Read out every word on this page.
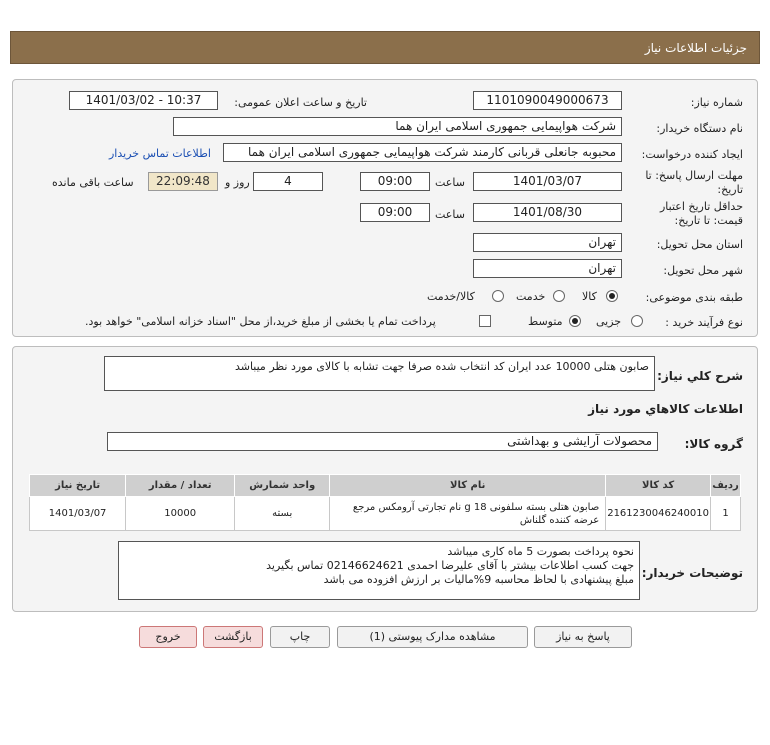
جزئیات اطلاعات نیاز
شماره نیاز:
1101090049000673
تاریخ و ساعت اعلان عمومی:
1401/03/02 - 10:37
نام دستگاه خریدار:
شرکت هواپیمایی جمهوری اسلامی ایران هما
ایجاد کننده درخواست:
محبوبه جانعلی قربانی کارمند شرکت هواپیمایی جمهوری اسلامی ایران هما
اطلاعات تماس خریدار
مهلت ارسال پاسخ: تا
تاریخ:
1401/03/07
ساعت
09:00
4
روز و
22:09:48
ساعت باقی مانده
حداقل تاریخ اعتبار
قیمت: تا تاریخ:
1401/08/30
ساعت
09:00
استان محل تحویل:
تهران
شهر محل تحویل:
تهران
طبقه بندی موضوعی:
کالا
خدمت
کالا/خدمت
نوع فرآیند خرید :
جزیی
متوسط
پرداخت تمام یا بخشی از مبلغ خرید،از محل "اسناد خزانه اسلامی" خواهد بود.
شرح کلي نياز:
صابون هتلی 10000 عدد ایران کد انتخاب شده صرفا جهت تشابه با کالای مورد نظر میباشد
اطلاعات کالاهاي مورد نياز
گروه کالا:
محصولات آرایشی و بهداشتی
ردیف	کد کالا	نام کالا	واحد شمارش	تعداد / مقدار	تاریخ نیاز
1	2161230046240010	صابون هتلی بسته سلفونی 18 g نام تجارتی آرومکس مرجع عرضه کننده گلناش	بسته	10000	1401/03/07
توضیحات خریدار:
نحوه پرداخت بصورت 5 ماه کاری میباشد
جهت کسب اطلاعات بیشتر با آقای علیرضا احمدی 02146624621 تماس بگیرید
مبلغ پیشنهادی با لحاظ محاسبه 9%مالیات بر ارزش افزوده می باشد
پاسخ به نیاز
مشاهده مدارک پیوستی (1)
چاپ
بازگشت
خروج
